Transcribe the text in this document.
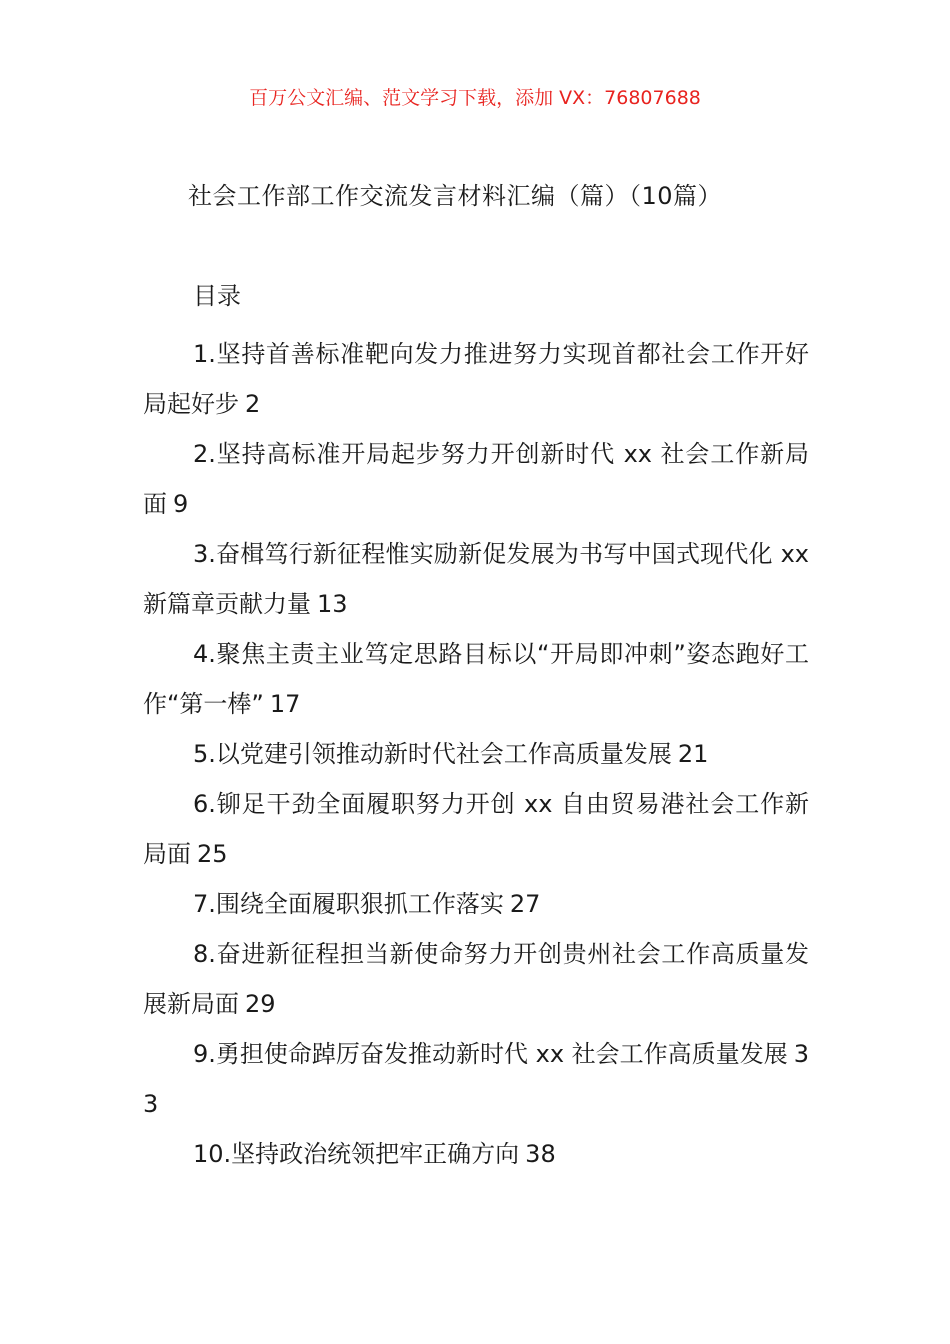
百万公文汇编、范文学习下载，添加 VX：76807688
社会工作部工作交流发言材料汇编（篇）（10篇）
目录
1.坚持首善标准靶向发力推进努力实现首都社会工作开好局起好步 2
2.坚持高标准开局起步努力开创新时代 xx 社会工作新局面 9
3.奋楫笃行新征程惟实励新促发展为书写中国式现代化 xx 新篇章贡献力量 13
4.聚焦主责主业笃定思路目标以“开局即冲刺”姿态跑好工作“第一棒” 17
5.以党建引领推动新时代社会工作高质量发展 21
6.铆足干劲全面履职努力开创 xx 自由贸易港社会工作新局面 25
7.围绕全面履职狠抓工作落实 27
8.奋进新征程担当新使命努力开创贵州社会工作高质量发展新局面 29
9.勇担使命踔厉奋发推动新时代 xx 社会工作高质量发展 33
10.坚持政治统领把牢正确方向 38
